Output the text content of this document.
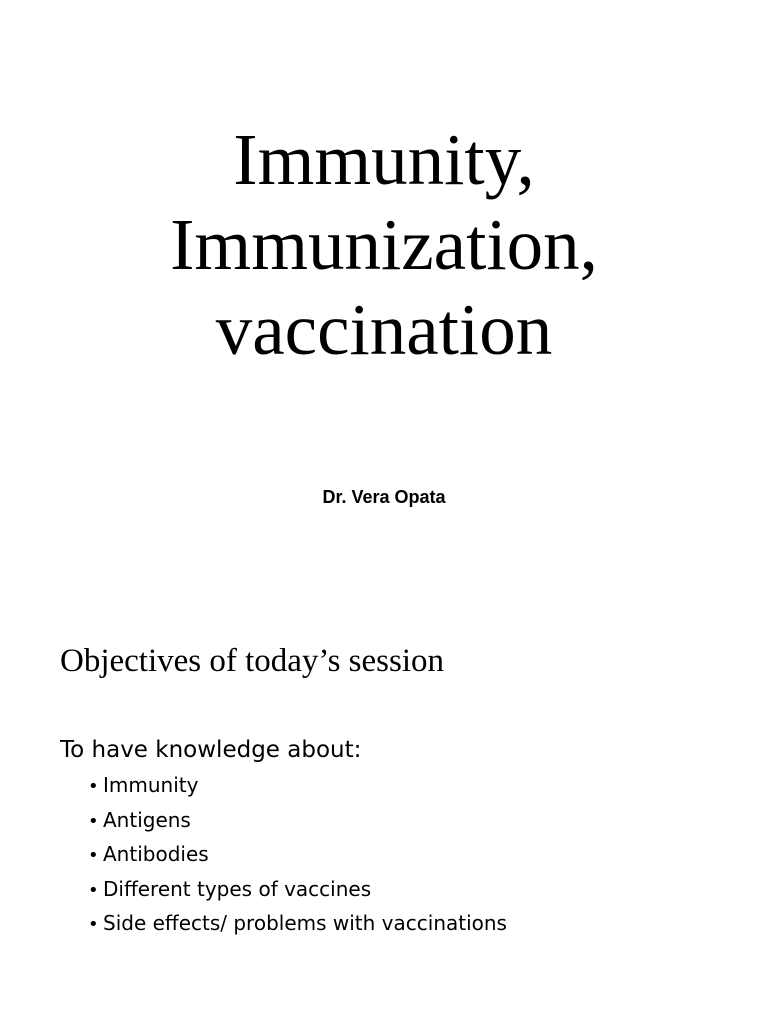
Immunity,
Immunization,
vaccination
Dr. Vera Opata
Objectives of today’s session
To have knowledge about:
• Immunity
• Antigens
• Antibodies
• Different types of vaccines
• Side effects/ problems with vaccinations
